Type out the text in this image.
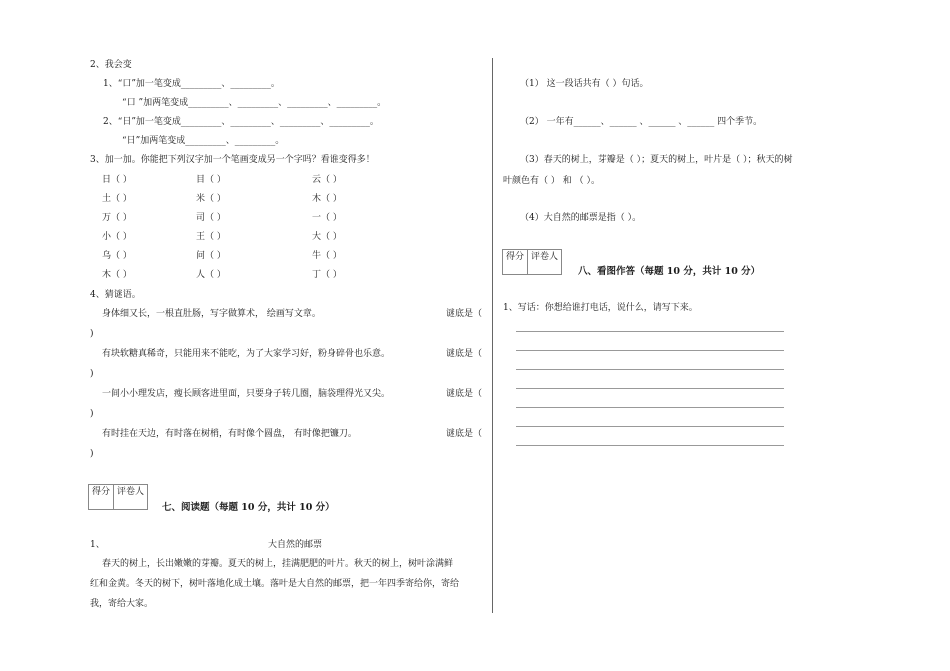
2、我会变
1、“口”加一笔变成_________、_________。
“口 ”加两笔变成_________、_________、_________、_________。
2、“日”加一笔变成_________、_________、_________、_________。
“日”加两笔变成_________、_________。
3、加一加。你能把下列汉字加一个笔画变成另一个字吗？看谁变得多！
日（ ）	目（ ）	云（ ）
土（ ）	米（ ）	木（ ）
万（ ）	司（ ）	一（ ）
小（ ）	王（ ）	大（ ）
乌（ ）	问（ ）	牛（ ）
木（ ）	人（ ）	丁（ ）
4、猜谜语。
身体细又长，一根直肚肠，写字做算术， 绘画写文章。	谜底是（
)
有块软糖真稀奇，只能用来不能吃，为了大家学习好，粉身碎骨也乐意。	谜底是（
)
一间小小理发店，瘦长顾客进里面，只要身子转几圈，脑袋理得光又尖。	谜底是（
)
有时挂在天边，有时落在树梢，有时像个圆盘， 有时像把镰刀。	谜底是（
)
得分 评卷人
七、阅读题（每题 10 分，共计 10 分）
1、	大自然的邮票
春天的树上，长出嫩嫩的芽瓣。夏天的树上，挂满肥肥的叶片。秋天的树上，树叶涂满鲜
红和金黄。冬天的树下，树叶落地化成土壤。落叶是大自然的邮票，把一年四季寄给你，寄给
我，寄给大家。
（1） 这一段话共有（ ）句话。
（2） 一年有______、______ 、______ 、______ 四个季节。
（3）春天的树上，芽瓣是（ ）；夏天的树上，叶片是（ ）；秋天的树
叶颜色有（ ） 和 （ ）。
（4）大自然的邮票是指（ ）。
得分 评卷人
八、看图作答（每题 10 分，共计 10 分）
1、写话：你想给谁打电话，说什么，请写下来。
